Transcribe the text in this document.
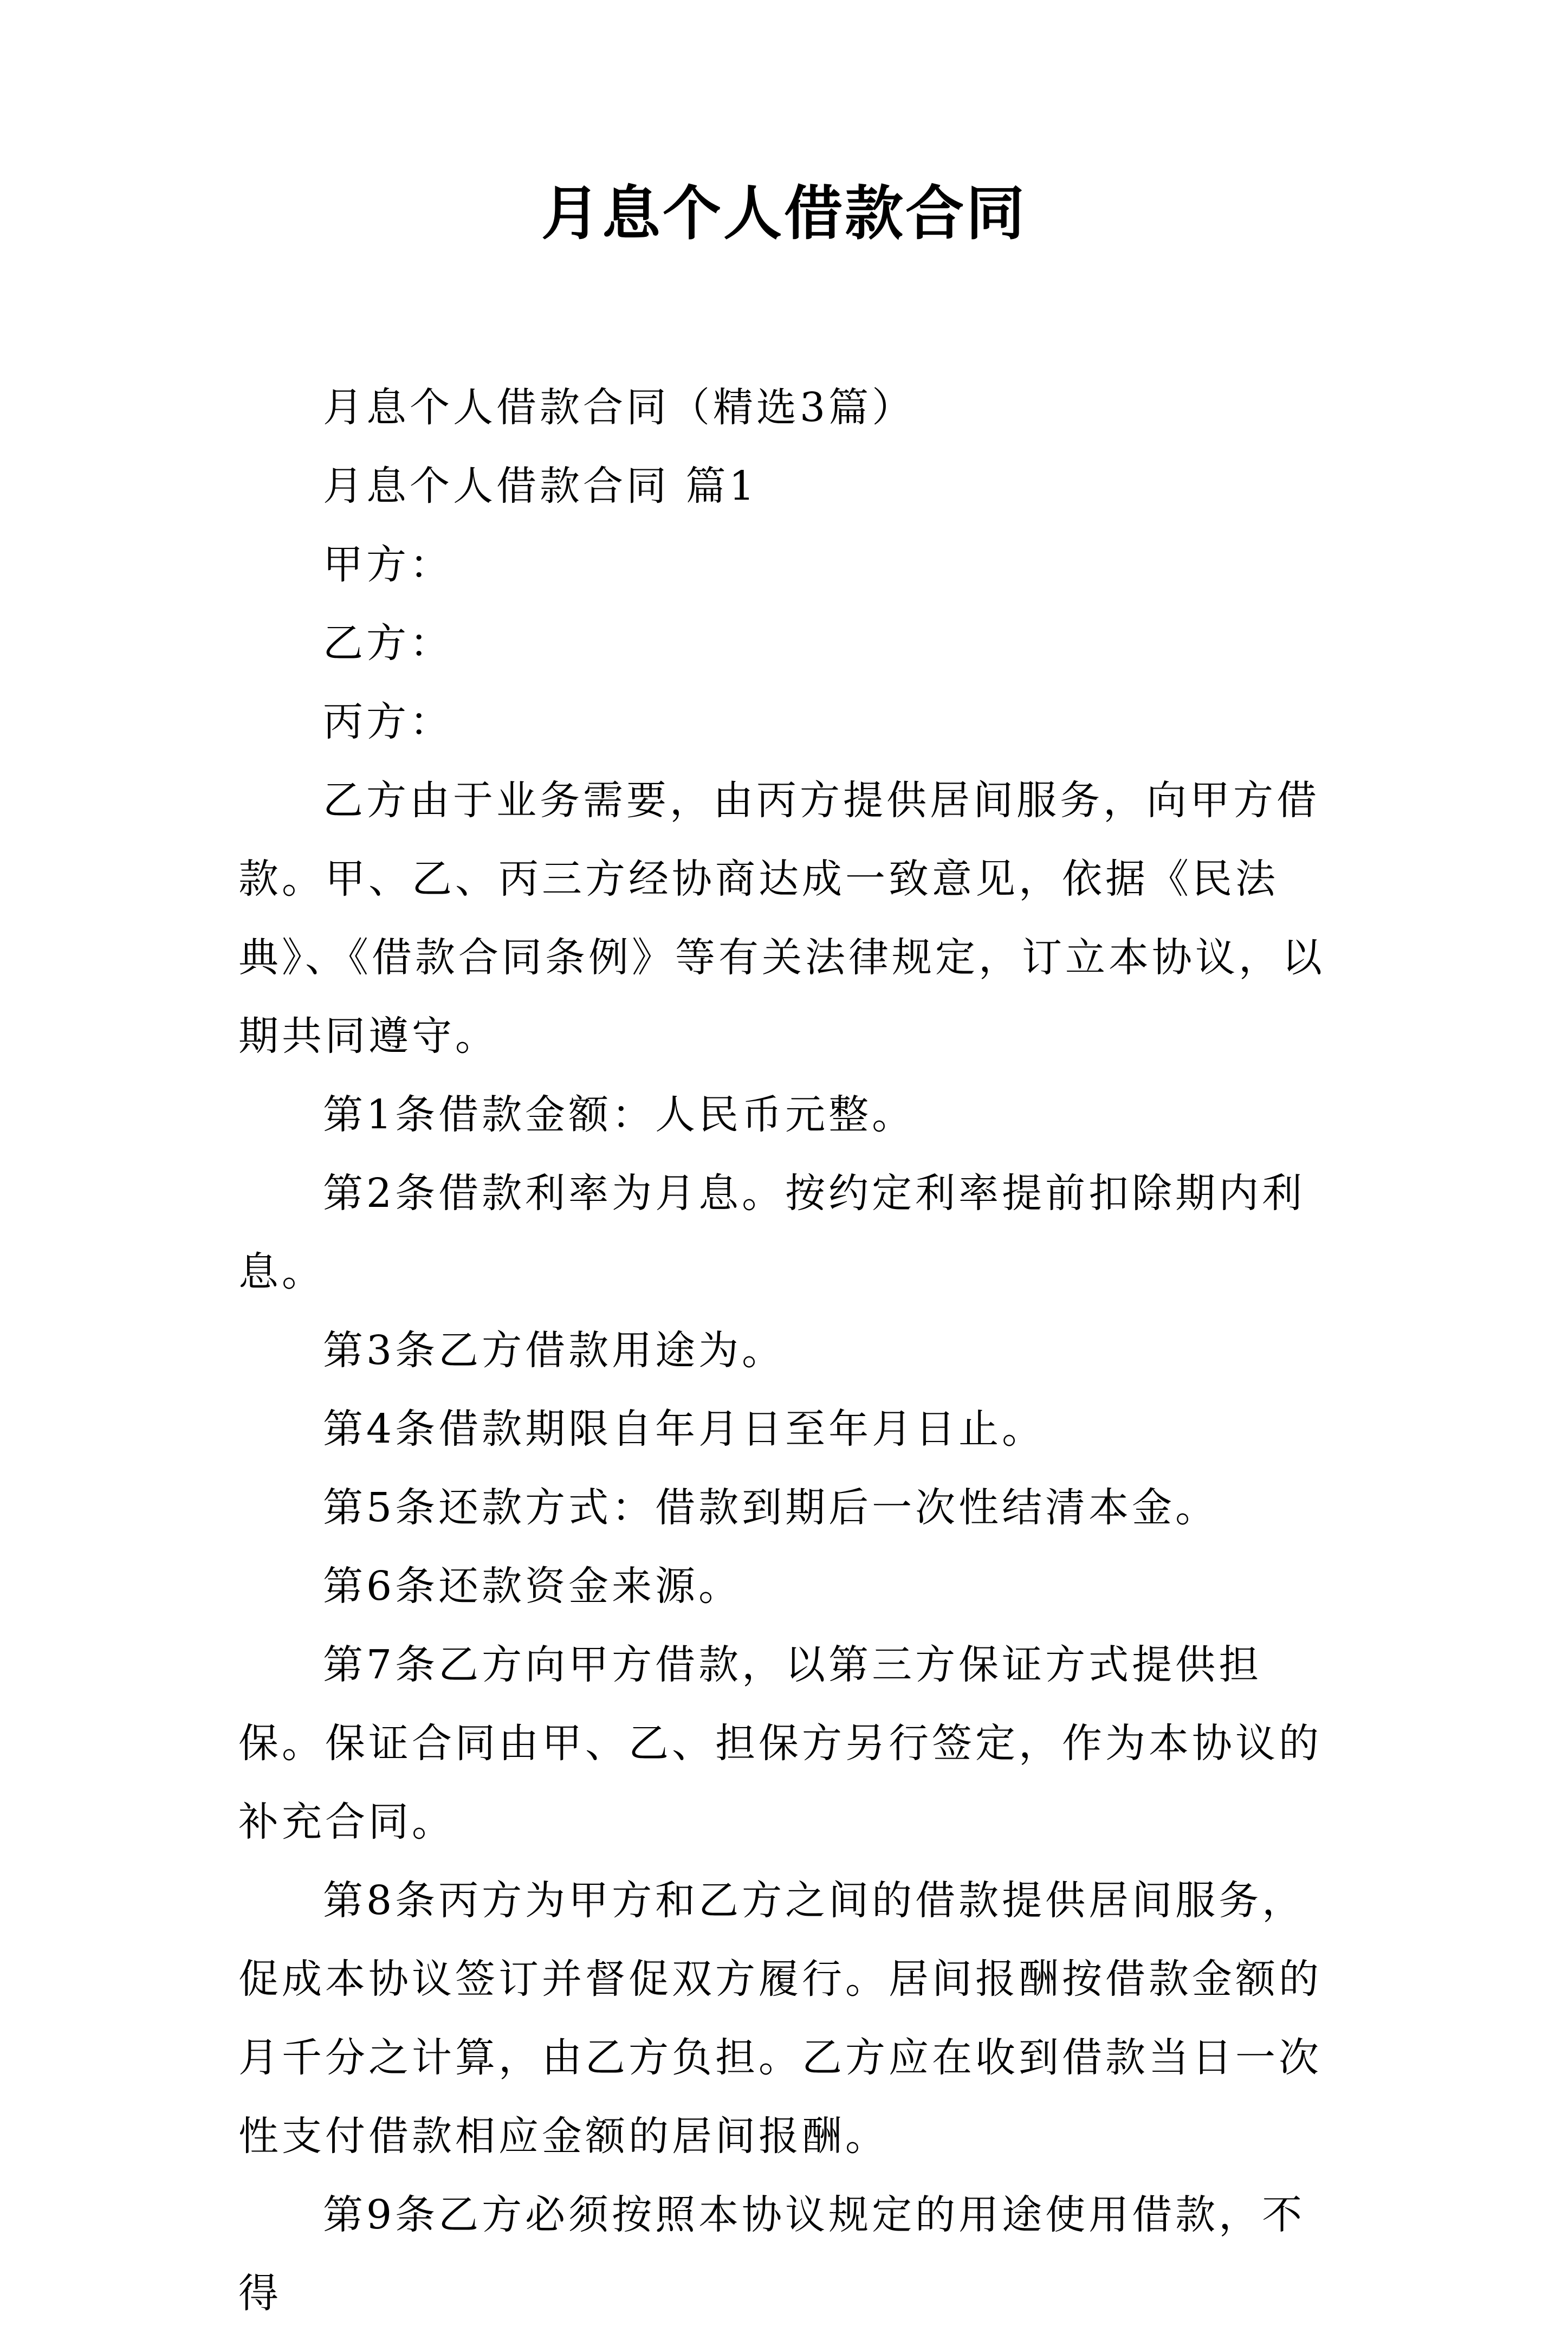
月息个人借款合同

月息个人借款合同（精选3篇）

月息个人借款合同 篇1

甲方：

乙方：

丙方：

乙方由于业务需要，由丙方提供居间服务，向甲方借款。甲、乙、丙三方经协商达成一致意见，依据《民法典》、《借款合同条例》等有关法律规定，订立本协议，以期共同遵守。

第1条借款金额：人民币元整。

第2条借款利率为月息。按约定利率提前扣除期内利息。

第3条乙方借款用途为。

第4条借款期限自年月日至年月日止。

第5条还款方式：借款到期后一次性结清本金。

第6条还款资金来源。

第7条乙方向甲方借款，以第三方保证方式提供担保。保证合同由甲、乙、担保方另行签定，作为本协议的补充合同。

第8条丙方为甲方和乙方之间的借款提供居间服务，促成本协议签订并督促双方履行。居间报酬按借款金额的月千分之计算，由乙方负担。乙方应在收到借款当日一次性支付借款相应金额的居间报酬。

第9条乙方必须按照本协议规定的用途使用借款，不得
